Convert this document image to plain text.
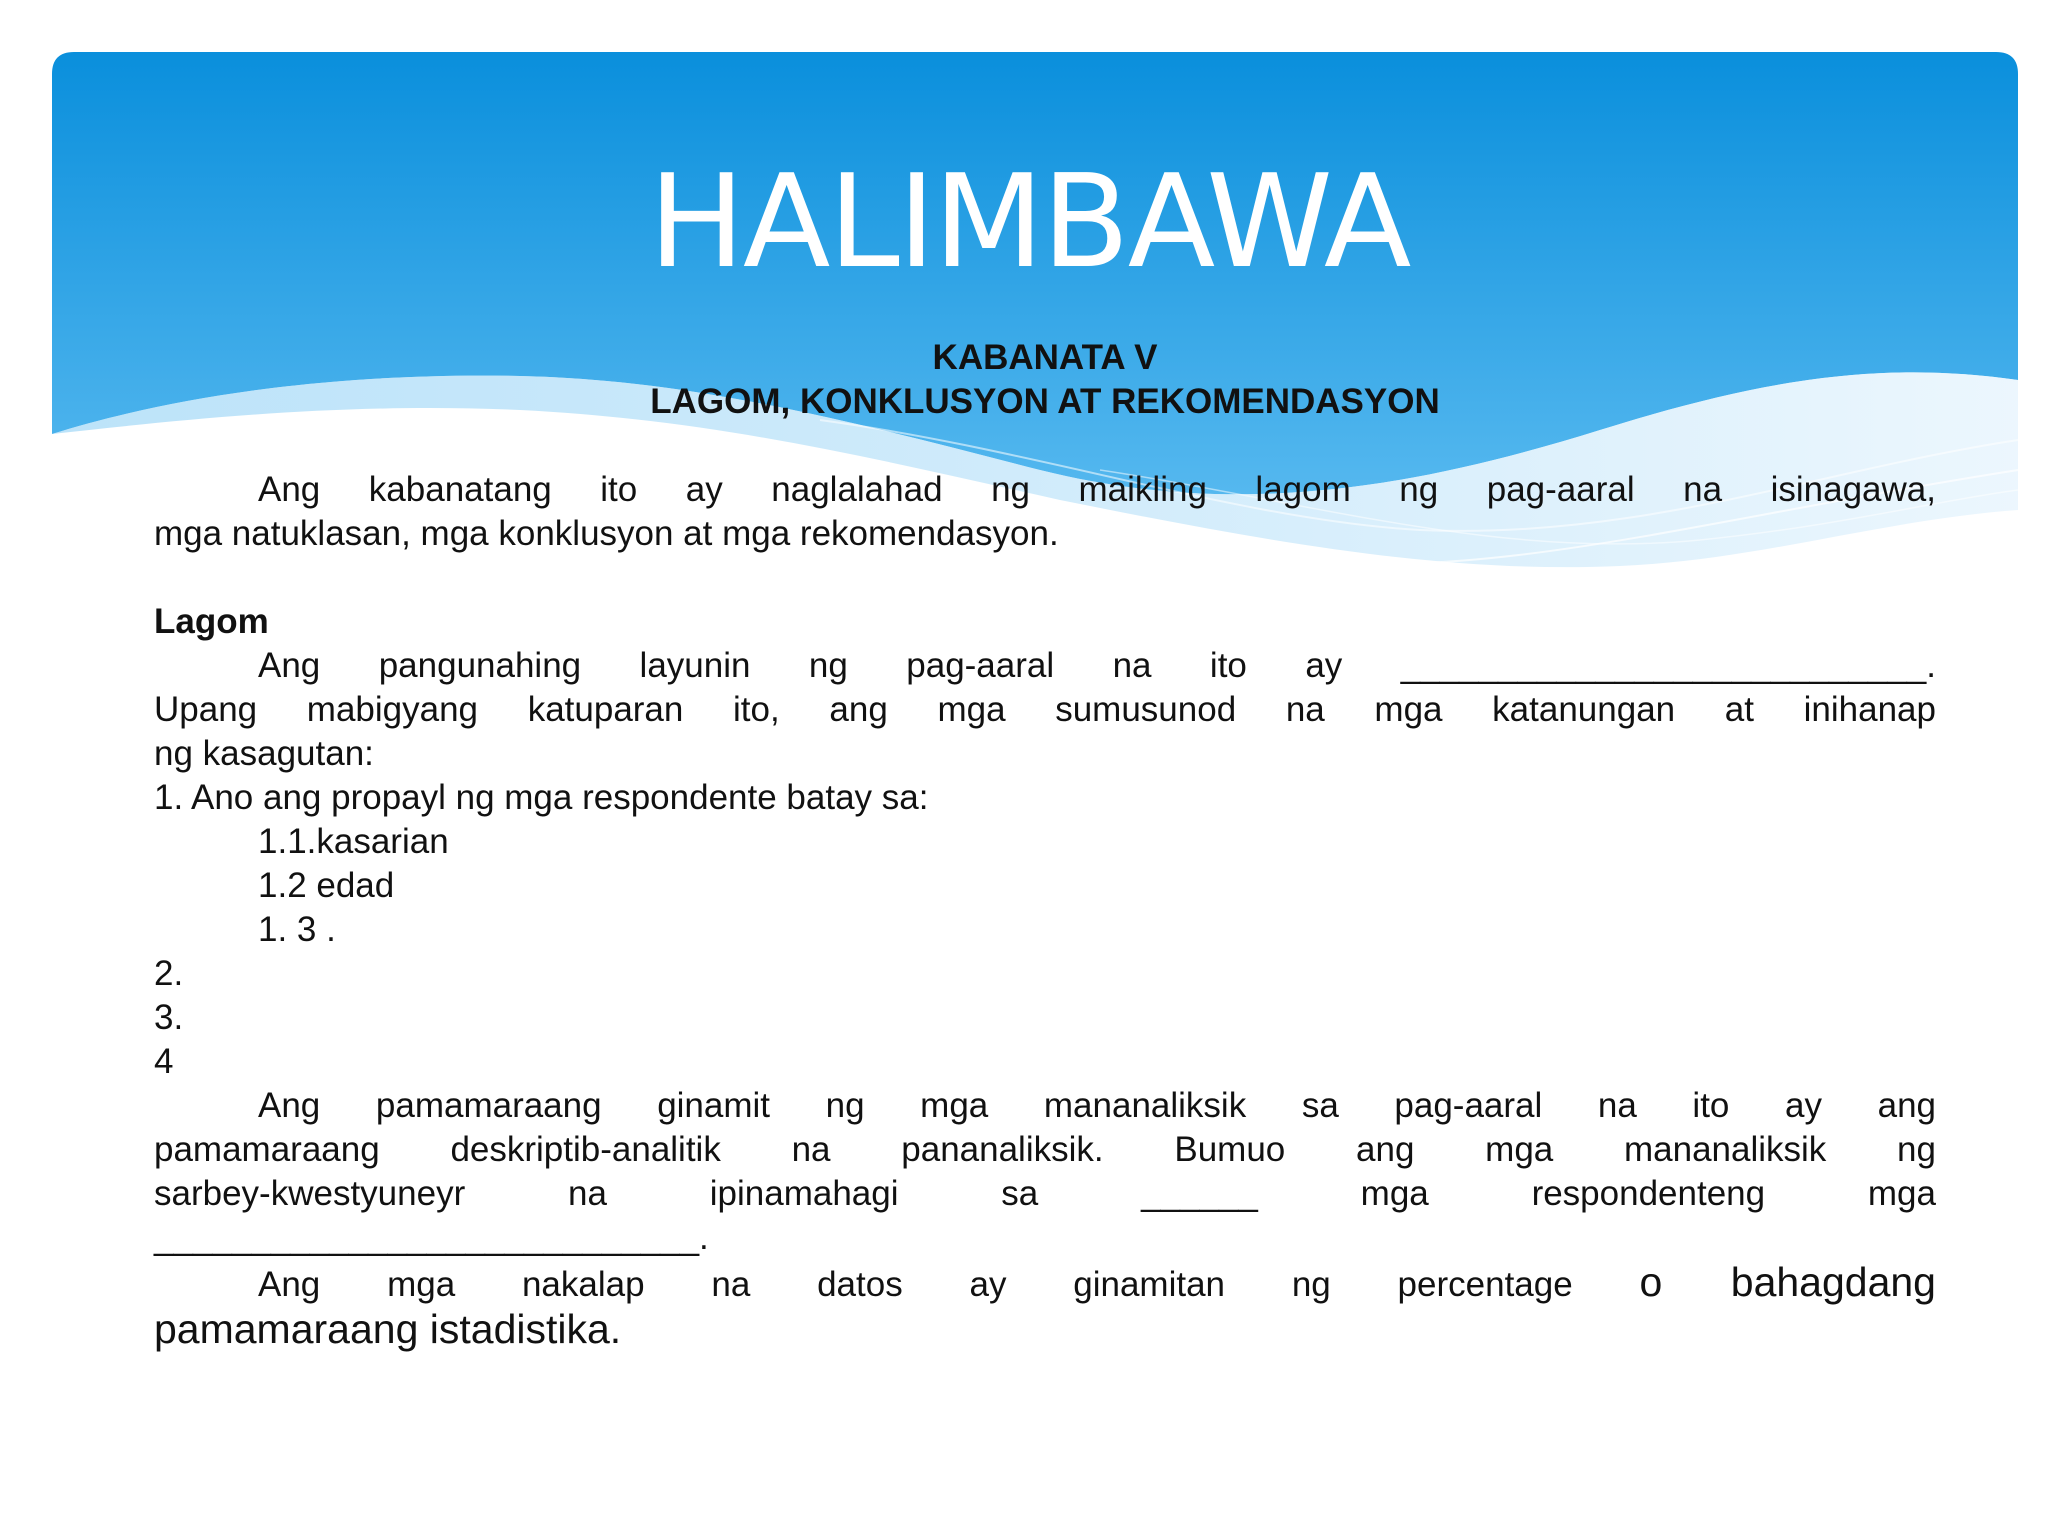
HALIMBAWA
KABANATA V
LAGOM, KONKLUSYON AT REKOMENDASYON
Ang kabanatang ito ay naglalahad ng maikling lagom ng pag-aaral na isinagawa,
mga natuklasan, mga konklusyon at mga rekomendasyon.
Lagom
Ang pangunahing layunin ng pag-aaral na ito ay ___________________________.
Upang mabigyang katuparan ito, ang mga sumusunod na mga katanungan at inihanap
ng kasagutan:
1. Ano ang propayl ng mga respondente batay sa:
1.1.kasarian
1.2 edad
1. 3 .
2.
3.
4
Ang pamamaraang ginamit ng mga mananaliksik sa pag-aaral na ito ay ang
pamamaraang deskriptib-analitik na pananaliksik. Bumuo ang mga mananaliksik ng
sarbey-kwestyuneyr na ipinamahagi sa ______ mga respondenteng mga
____________________________.
Ang mga nakalap na datos ay ginamitan ng percentage o bahagdang
pamamaraang istadistika.
